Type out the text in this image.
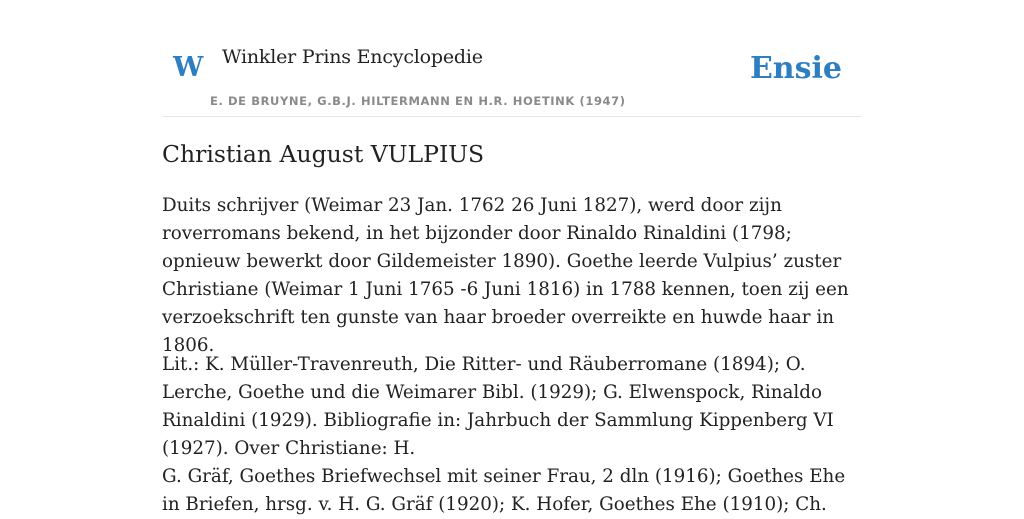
W Winkler Prins Encyclopedie
E. DE BRUYNE, G.B.J. HILTERMANN EN H.R. HOETINK (1947)
Ensie
Christian August VULPIUS

Duits schrijver (Weimar 23 Jan. 1762 26 Juni 1827), werd door zijn roverromans bekend, in het bijzonder door Rinaldo Rinaldini (1798; opnieuw bewerkt door Gildemeister 1890). Goethe leerde Vulpius’ zuster Christiane (Weimar 1 Juni 1765 -6 Juni 1816) in 1788 kennen, toen zij een verzoekschrift ten gunste van haar broeder overreikte en huwde haar in 1806.

Lit.: K. Müller-Travenreuth, Die Ritter- und Räuberromane (1894); O. Lerche, Goethe und die Weimarer Bibl. (1929); G. Elwenspock, Rinaldo Rinaldini (1929). Bibliografie in: Jahrbuch der Sammlung Kippenberg VI (1927). Over Christiane: H.

G. Gräf, Goethes Briefwechsel mit seiner Frau, 2 dln (1916); Goethes Ehe in Briefen, hrsg. v. H. G. Gräf (1920); K. Hofer, Goethes Ehe (1910); Ch.
